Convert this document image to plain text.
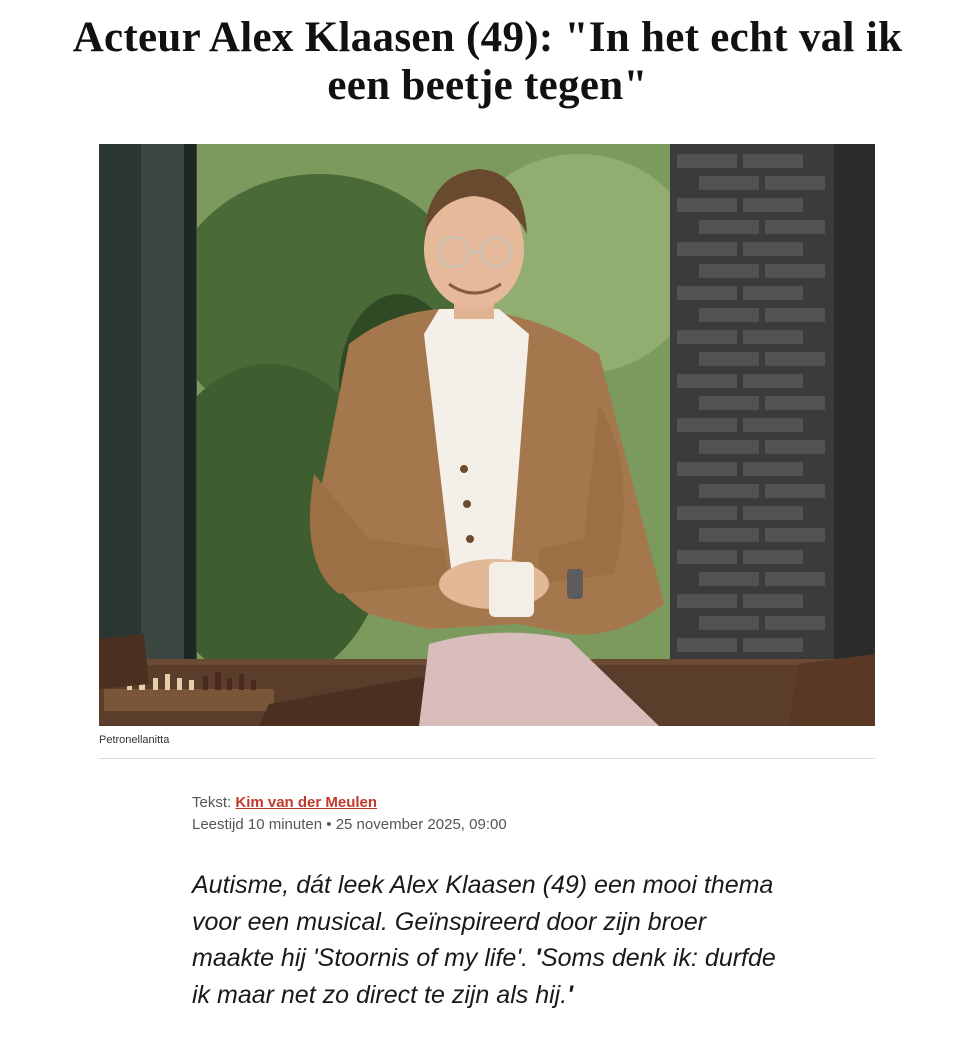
Acteur Alex Klaasen (49): "In het echt val ik een beetje tegen"
Petronellanitta
Tekst: Kim van der Meulen
Leestijd 10 minuten • 25 november 2025, 09:00

Autisme, dát leek Alex Klaasen (49) een mooi thema voor een musical. Geïnspireerd door zijn broer maakte hij 'Stoornis of my life'. 'Soms denk ik: durfde ik maar net zo direct te zijn als hij.'
